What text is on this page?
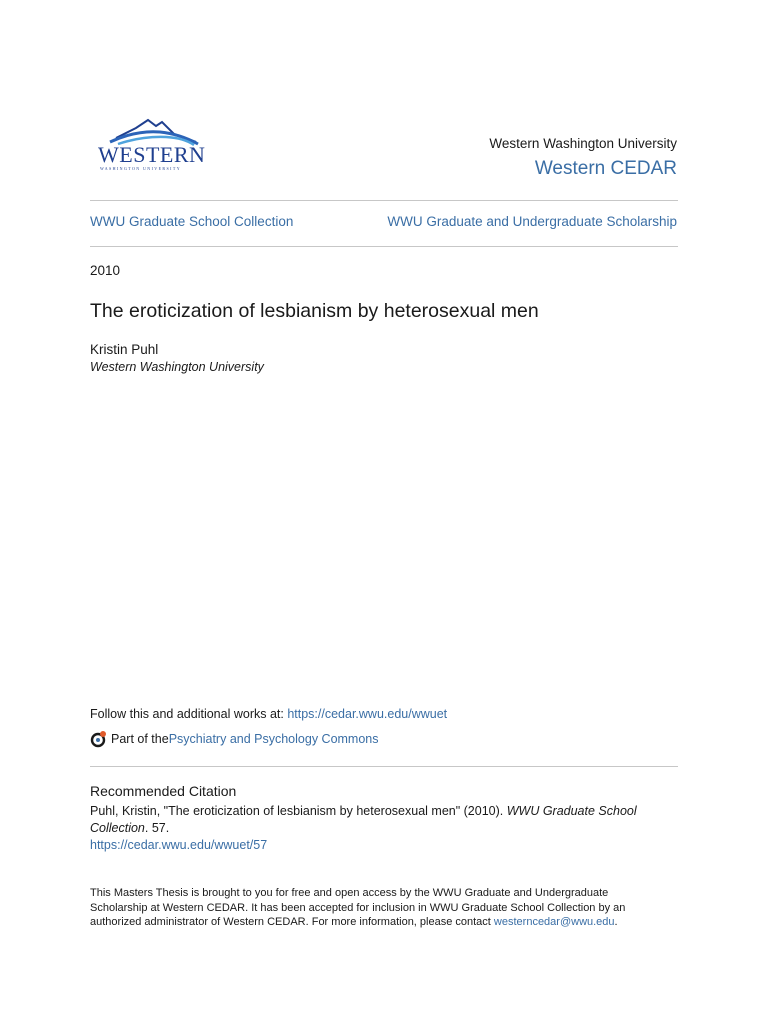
WESTERN
WASHINGTON UNIVERSITY
Western Washington University
Western CEDAR
WWU Graduate School Collection	WWU Graduate and Undergraduate Scholarship
2010
The eroticization of lesbianism by heterosexual men
Kristin Puhl
Western Washington University
Follow this and additional works at: https://cedar.wwu.edu/wwuet
Part of the Psychiatry and Psychology Commons
Recommended Citation
Puhl, Kristin, "The eroticization of lesbianism by heterosexual men" (2010). WWU Graduate School Collection. 57.
https://cedar.wwu.edu/wwuet/57
This Masters Thesis is brought to you for free and open access by the WWU Graduate and Undergraduate Scholarship at Western CEDAR. It has been accepted for inclusion in WWU Graduate School Collection by an authorized administrator of Western CEDAR. For more information, please contact westerncedar@wwu.edu.
